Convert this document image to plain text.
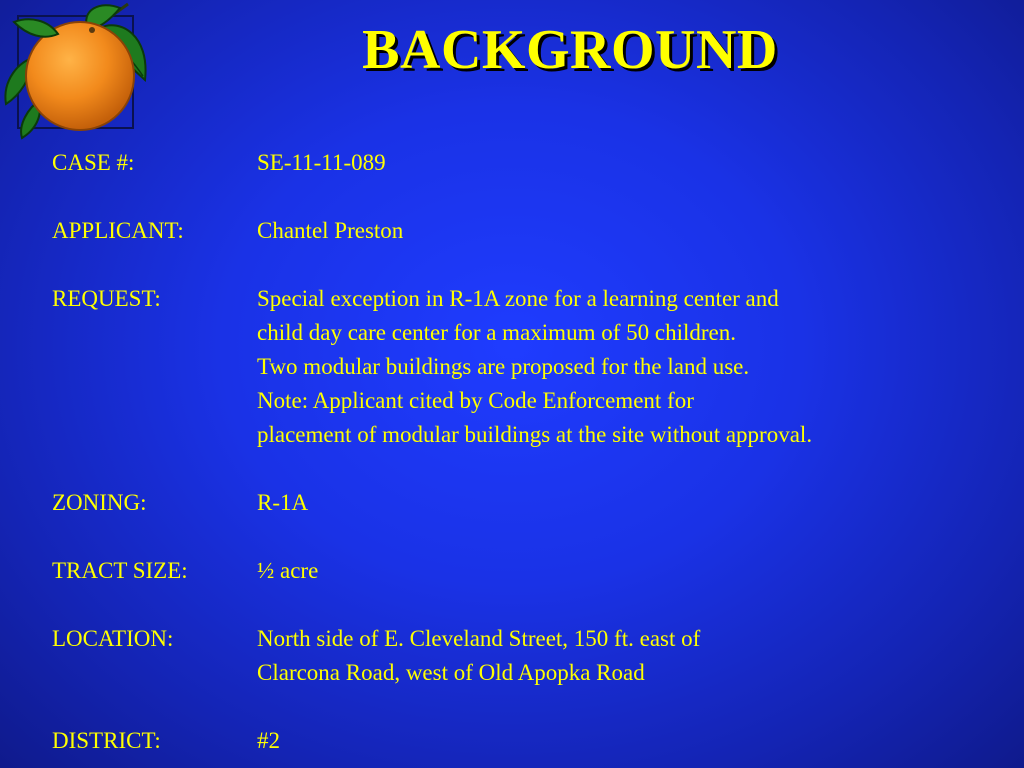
BACKGROUND
CASE #:	SE-11-11-089
APPLICANT:	Chantel Preston
REQUEST:	Special exception in R-1A zone for a learning center and
child day care center for a maximum of 50 children.
Two modular buildings are proposed for the land use.
Note: Applicant cited by Code Enforcement for
placement of modular buildings at the site without approval.
ZONING:	R-1A
TRACT SIZE:	½ acre
LOCATION:	North side of E. Cleveland Street, 150 ft. east of
Clarcona Road, west of Old Apopka Road
DISTRICT:	#2
